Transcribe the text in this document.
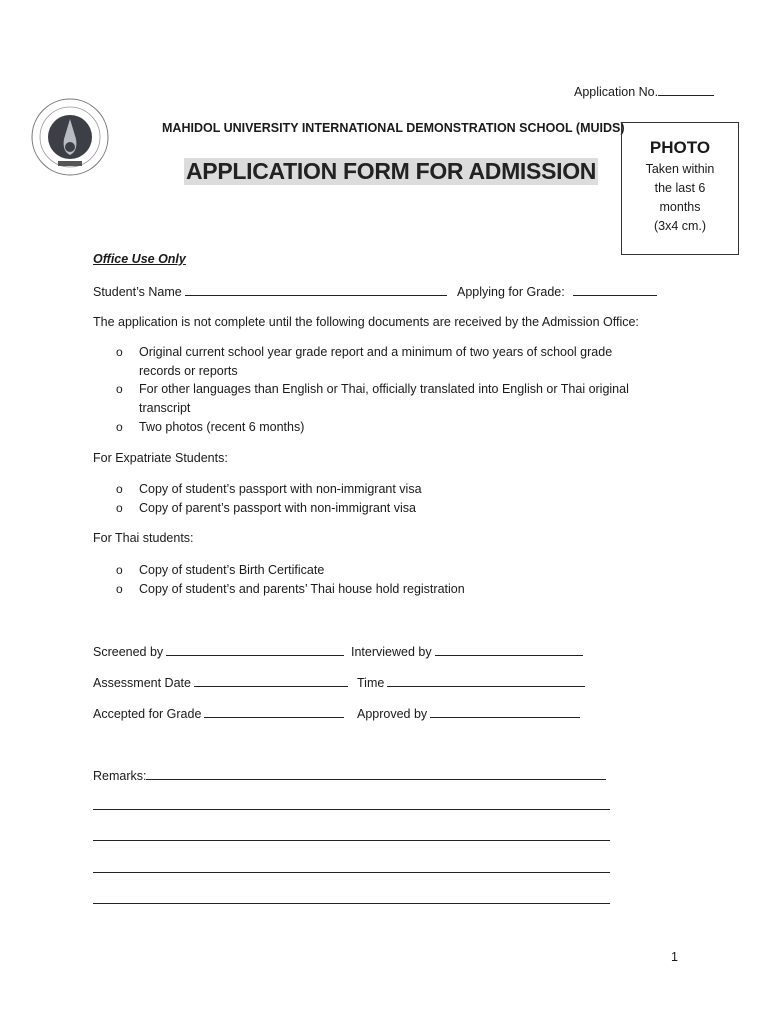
Application No.
MAHIDOL UNIVERSITY INTERNATIONAL DEMONSTRATION SCHOOL (MUIDS)
APPLICATION FORM FOR ADMISSION
PHOTO
Taken within
the last 6
months
(3x4 cm.)
Office Use Only
Student’s Name	Applying for Grade:
The application is not complete until the following documents are received by the Admission Office:
o Original current school year grade report and a minimum of two years of school grade records or reports
o For other languages than English or Thai, officially translated into English or Thai original transcript
o Two photos (recent 6 months)
For Expatriate Students:
o Copy of student’s passport with non-immigrant visa
o Copy of parent’s passport with non-immigrant visa
For Thai students:
o Copy of student’s Birth Certificate
o Copy of student’s and parents’ Thai house hold registration
Screened by	Interviewed by
Assessment Date	Time
Accepted for Grade	Approved by
Remarks:
1
